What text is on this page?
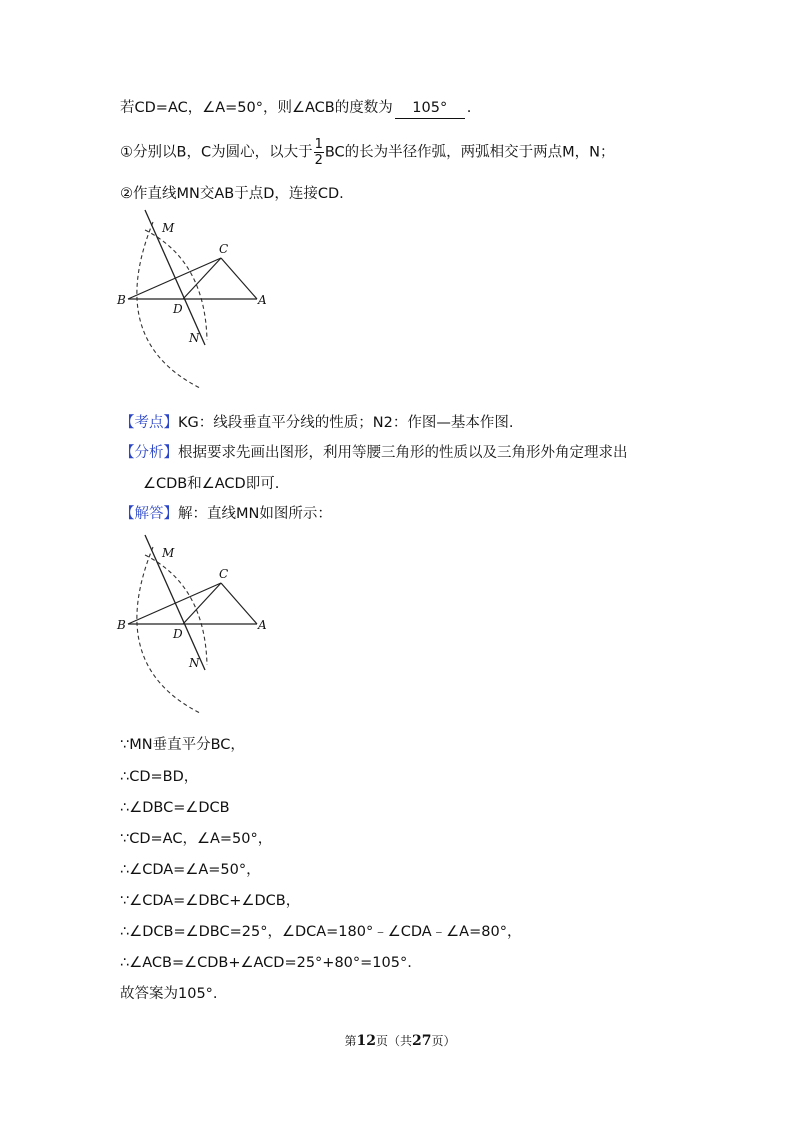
若CD=AC，∠A=50°，则∠ACB的度数为 105° .
①分别以B，C为圆心，以大于 $\frac{1}{2}$ BC的长为半径作弧，两弧相交于两点M，N；
②作直线MN交AB于点D，连接CD.
M
C
B
D
A
N
【考点】KG：线段垂直平分线的性质；N2：作图—基本作图.
【分析】根据要求先画出图形，利用等腰三角形的性质以及三角形外角定理求出
∠CDB和∠ACD即可.
【解答】解：直线MN如图所示：
M
C
B
D
A
N
∵MN垂直平分BC，
∴CD=BD，
∴∠DBC=∠DCB
∵CD=AC，∠A=50°，
∴∠CDA=∠A=50°，
∵∠CDA=∠DBC+∠DCB，
∴∠DCB=∠DBC=25°，∠DCA=180°﹣∠CDA﹣∠A=80°，
∴∠ACB=∠CDB+∠ACD=25°+80°=105°.
故答案为105°.
第12页（共27页）
